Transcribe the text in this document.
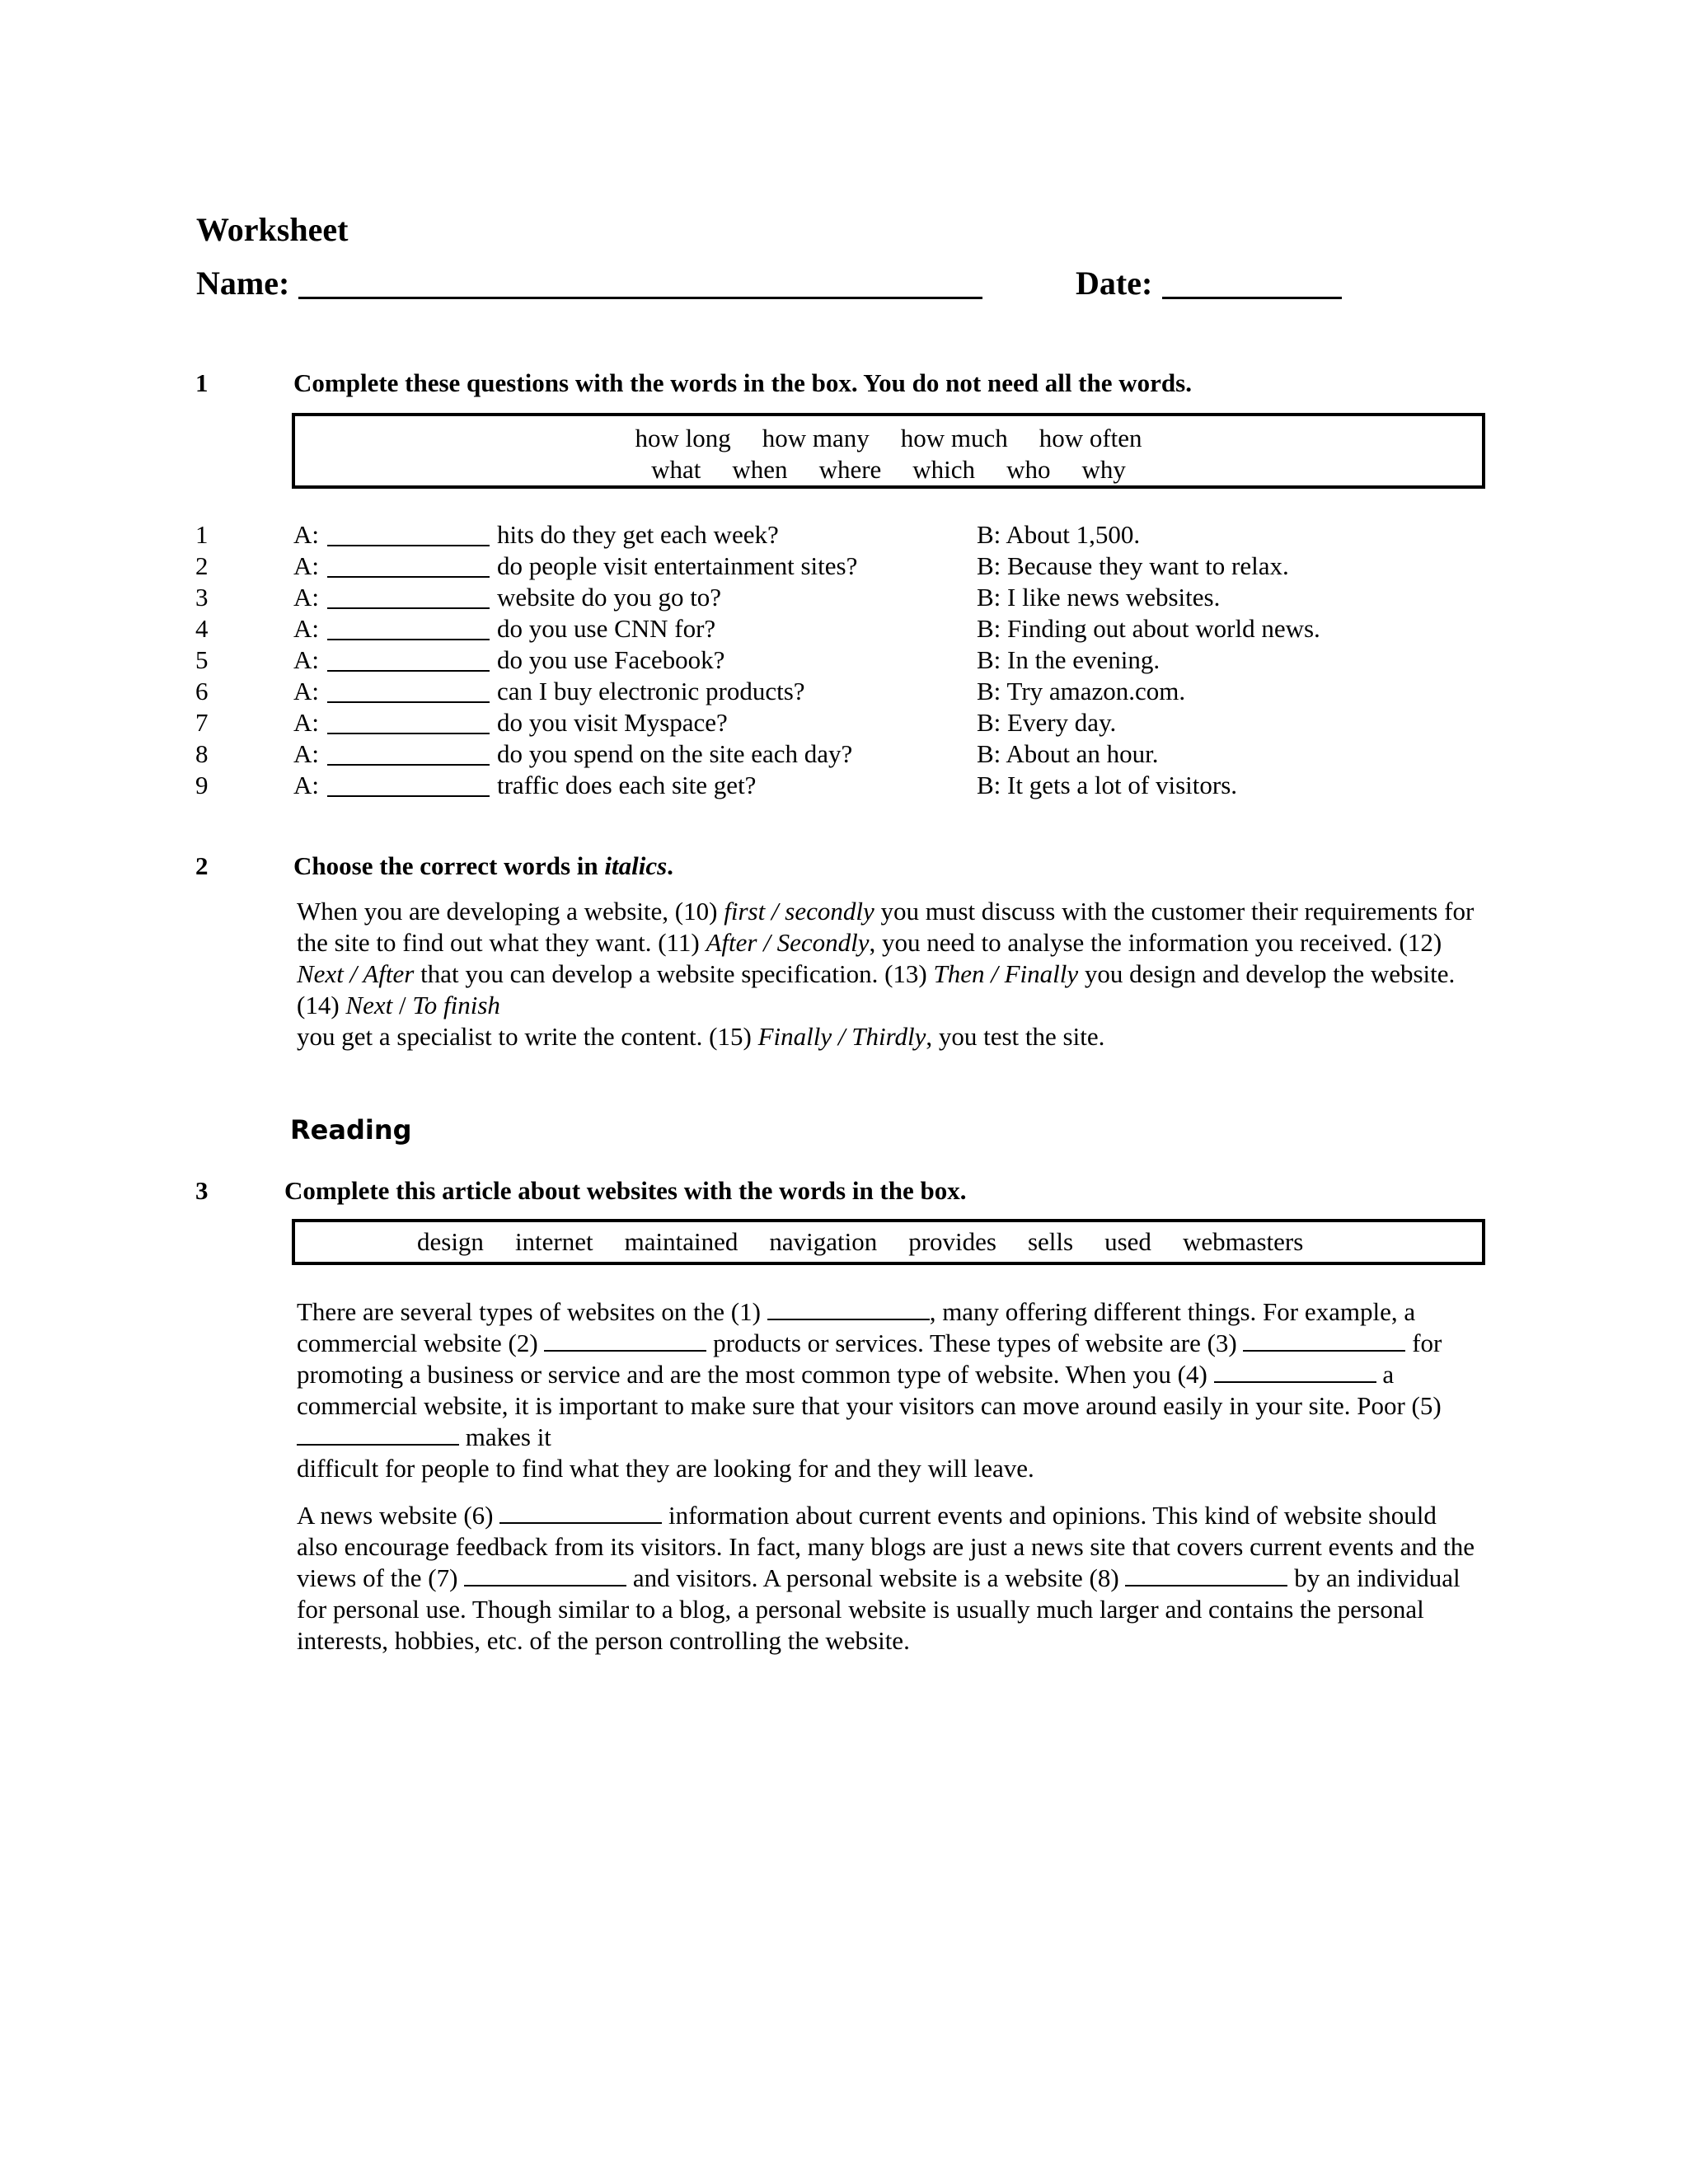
Worksheet
Name:	Date:
1	Complete these questions with the words in the box. You do not need all the words.
how long how many how much how often
what when where which who why
1	A:	hits do they get each week?	B: About 1,500.
2	A:	do people visit entertainment sites?	B: Because they want to relax.
3	A:	website do you go to?	B: I like news websites.
4	A:	do you use CNN for?	B: Finding out about world news.
5	A:	do you use Facebook?	B: In the evening.
6	A:	can I buy electronic products?	B: Try amazon.com.
7	A:	do you visit Myspace?	B: Every day.
8	A:	do you spend on the site each day?	B: About an hour.
9	A:	traffic does each site get?	B: It gets a lot of visitors.
2	Choose the correct words in italics.
When you are developing a website, (10) first / secondly you must discuss with the customer their requirements for the site to find out what they want. (11) After / Secondly, you need to analyse the information you received. (12) Next / After that you can develop a website specification. (13) Then / Finally you design and develop the website. (14) Next / To finish
you get a specialist to write the content. (15) Finally / Thirdly, you test the site.
Reading
3	Complete this article about websites with the words in the box.
design internet maintained navigation provides sells used webmasters
There are several types of websites on the (1)	, many offering different things. For example, a commercial website (2)	products or services. These types of website are (3)	for promoting a business or service and are the most common type of website. When you (4)	a commercial website, it is important to make sure that your visitors can move around easily in your site. Poor (5)  makes it
difficult for people to find what they are looking for and they will leave.
A news website (6)	information about current events and opinions. This kind of website should also encourage feedback from its visitors. In fact, many blogs are just a news site that covers current events and the views of the (7)	and visitors. A personal website is a website (8)	by an individual for personal use. Though similar to a blog, a personal website is usually much larger and contains the personal interests, hobbies, etc. of the person controlling the website.
